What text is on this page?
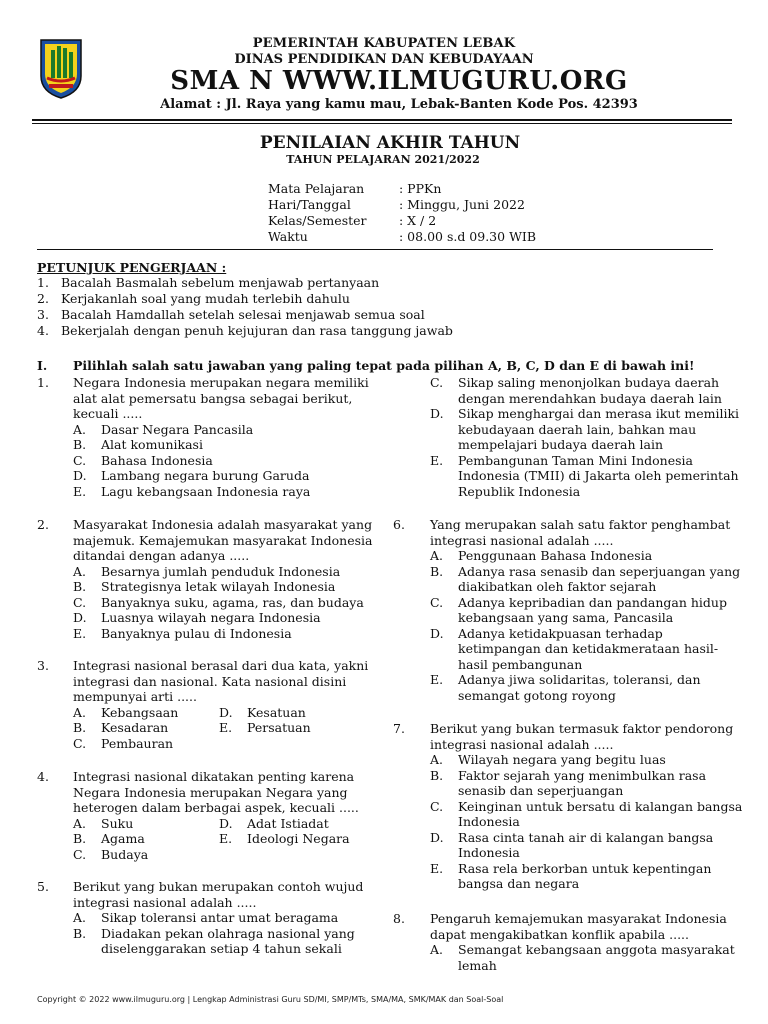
PEMERINTAH KABUPATEN LEBAK
DINAS PENDIDIKAN DAN KEBUDAYAAN
SMA N WWW.ILMUGURU.ORG
Alamat : Jl. Raya yang kamu mau, Lebak-Banten Kode Pos. 42393
PENILAIAN AKHIR TAHUN
TAHUN PELAJARAN 2021/2022
Mata Pelajaran	: PPKn
Hari/Tanggal	: Minggu, Juni 2022
Kelas/Semester	: X / 2
Waktu	: 08.00 s.d 09.30 WIB
PETUNJUK PENGERJAAN :
1. Bacalah Basmalah sebelum menjawab pertanyaan
2. Kerjakanlah soal yang mudah terlebih dahulu
3. Bacalah Hamdallah setelah selesai menjawab semua soal
4. Bekerjalah dengan penuh kejujuran dan rasa tanggung jawab
I. Pilihlah salah satu jawaban yang paling tepat pada pilihan A, B, C, D dan E di bawah ini!
1. Negara Indonesia merupakan negara memiliki
alat alat pemersatu bangsa sebagai berikut,
kecuali .....
A. Dasar Negara Pancasila
B. Alat komunikasi
C. Bahasa Indonesia
D. Lambang negara burung Garuda
E. Lagu kebangsaan Indonesia raya
2. Masyarakat Indonesia adalah masyarakat yang
majemuk. Kemajemukan masyarakat Indonesia
ditandai dengan adanya .....
A. Besarnya jumlah penduduk Indonesia
B. Strategisnya letak wilayah Indonesia
C. Banyaknya suku, agama, ras, dan budaya
D. Luasnya wilayah negara Indonesia
E. Banyaknya pulau di Indonesia
3. Integrasi nasional berasal dari dua kata, yakni
integrasi dan nasional. Kata nasional disini
mempunyai arti .....
A. Kebangsaan	D. Kesatuan
B. Kesadaran	E. Persatuan
C. Pembauran
4. Integrasi nasional dikatakan penting karena
Negara Indonesia merupakan Negara yang
heterogen dalam berbagai aspek, kecuali .....
A. Suku	D. Adat Istiadat
B. Agama	E. Ideologi Negara
C. Budaya
5. Berikut yang bukan merupakan contoh wujud
integrasi nasional adalah .....
A. Sikap toleransi antar umat beragama
B. Diadakan pekan olahraga nasional yang
diselenggarakan setiap 4 tahun sekali
C. Sikap saling menonjolkan budaya daerah
dengan merendahkan budaya daerah lain
D. Sikap menghargai dan merasa ikut memiliki
kebudayaan daerah lain, bahkan mau
mempelajari budaya daerah lain
E. Pembangunan Taman Mini Indonesia
Indonesia (TMII) di Jakarta oleh pemerintah
Republik Indonesia
6. Yang merupakan salah satu faktor penghambat
integrasi nasional adalah .....
A. Penggunaan Bahasa Indonesia
B. Adanya rasa senasib dan seperjuangan yang
diakibatkan oleh faktor sejarah
C. Adanya kepribadian dan pandangan hidup
kebangsaan yang sama, Pancasila
D. Adanya ketidakpuasan terhadap
ketimpangan dan ketidakmerataan hasil-
hasil pembangunan
E. Adanya jiwa solidaritas, toleransi, dan
semangat gotong royong
7. Berikut yang bukan termasuk faktor pendorong
integrasi nasional adalah .....
A. Wilayah negara yang begitu luas
B. Faktor sejarah yang menimbulkan rasa
senasib dan seperjuangan
C. Keinginan untuk bersatu di kalangan bangsa
Indonesia
D. Rasa cinta tanah air di kalangan bangsa
Indonesia
E. Rasa rela berkorban untuk kepentingan
bangsa dan negara
8. Pengaruh kemajemukan masyarakat Indonesia
dapat mengakibatkan konflik apabila .....
A. Semangat kebangsaan anggota masyarakat
lemah
Copyright © 2022 www.ilmuguru.org | Lengkap Administrasi Guru SD/MI, SMP/MTs, SMA/MA, SMK/MAK dan Soal-Soal
